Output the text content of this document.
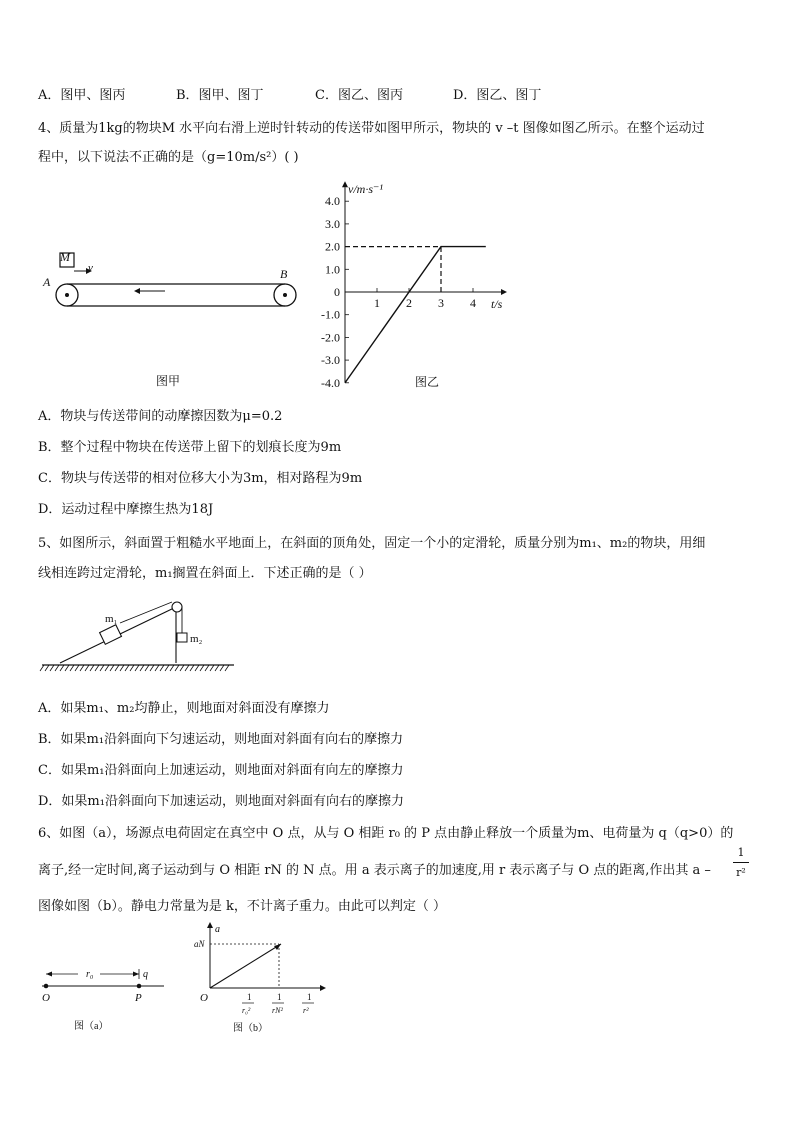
A．图甲、图丙	B．图甲、图丁	C．图乙、图丙	D．图乙、图丁
4、质量为1kg的物块M 水平向右滑上逆时针转动的传送带如图甲所示，物块的 v –t 图像如图乙所示。在整个运动过
程中，以下说法不正确的是（g=10m/s²）( )
M
v
A
B
图甲
4.0
3.0
2.0
1.0
0
-1.0
-2.0
-3.0
-4.0
1 2 3 4
v/m·s⁻¹
t/s
图乙
A．物块与传送带间的动摩擦因数为μ=0.2
B．整个过程中物块在传送带上留下的划痕长度为9m
C．物块与传送带的相对位移大小为3m，相对路程为9m
D．运动过程中摩擦生热为18J
5、如图所示，斜面置于粗糙水平地面上，在斜面的顶角处，固定一个小的定滑轮，质量分别为m₁、m₂的物块，用细
线相连跨过定滑轮，m₁搁置在斜面上．下述正确的是（ ）
m₁
m₂
A．如果m₁、m₂均静止，则地面对斜面没有摩擦力
B．如果m₁沿斜面向下匀速运动，则地面对斜面有向右的摩擦力
C．如果m₁沿斜面向上加速运动，则地面对斜面有向左的摩擦力
D．如果m₁沿斜面向下加速运动，则地面对斜面有向右的摩擦力
6、如图（a），场源点电荷固定在真空中 O 点，从与 O 相距 r₀ 的 P 点由静止释放一个质量为m、电荷量为 q（q>0）的
离子,经一定时间,离子运动到与 O 相距 rN 的 N 点。用 a 表示离子的加速度,用 r 表示离子与 O 点的距离,作出其 a –
1
r²
图像如图（b）。静电力常量为是 k，不计离子重力。由此可以判定（ ）
r₀	q
O	P
图（a）
a
aN
O	1
r₀²
1
rN²
1
r²
图（b）
